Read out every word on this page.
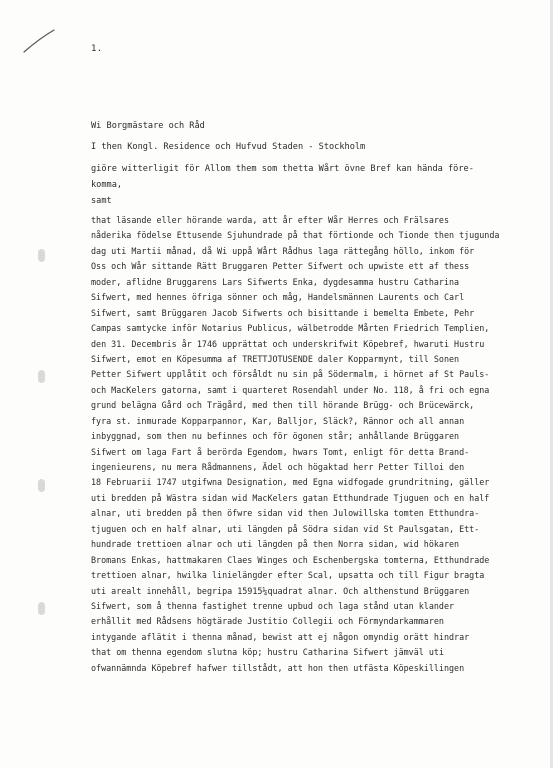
1.
Wi Borgmästare och Råd
I then Kongl. Residence och Hufvud Staden - Stockholm
giöre witterligit för Allom them som thetta Wårt övne Bref kan hända före-
komma,
samt
that läsande eller hörande warda, att år efter Wår Herres och Frälsares
nåderika födelse Ettusende Sjuhundrade på that förtionde och Tionde then tjugunda
dag uti Martii månad, då Wi uppå Wårt Rådhus laga rättegång höllo, inkom för
Oss och Wår sittande Rätt Bruggaren Petter Sifwert och upwiste ett af thess
moder, aflidne Bruggarens Lars Sifwerts Enka, dygdesamma hustru Catharina
Sifwert, med hennes öfriga sönner och måg, Handelsmännen Laurents och Carl
Sifwert, samt Brüggaren Jacob Sifwerts och bisittande i bemelta Embete, Pehr
Campas samtycke inför Notarius Publicus, wälbetrodde Mårten Friedrich Templien,
den 31. Decembris år 1746 upprättat och underskrifwit Köpebref, hwaruti Hustru
Sifwert, emot en Köpesumma af TRETTJOTUSENDE daler Kopparmynt, till Sonen
Petter Sifwert upplåtit och försåldt nu sin på Södermalm, i hörnet af St Pauls-
och MacKelers gatorna, samt i quarteret Rosendahl under No. 118, å fri och egna
grund belägna Gård och Trägård, med then till hörande Brügg- och Brücewärck,
fyra st. inmurade Kopparpannor, Kar, Balljor, Släck?, Rännor och all annan
inbyggnad, som then nu befinnes och för ögonen står; anhållande Brüggaren
Sifwert om laga Fart å berörda Egendom, hwars Tomt, enligt för detta Brand-
ingenieurens, nu mera Rådmannens, Ädel och högaktad herr Petter Tilloi den
18 Februarii 1747 utgifwna Designation, med Egna widfogade grundritning, gäller
uti bredden på Wästra sidan wid MacKelers gatan Etthundrade Tjuguen och en half
alnar, uti bredden på then öfwre sidan vid then Julowillska tomten Etthundra-
tjuguen och en half alnar, uti längden på Södra sidan vid St Paulsgatan, Ett-
hundrade trettioen alnar och uti längden på then Norra sidan, wid hökaren
Bromans Enkas, hattmakaren Claes Winges och Eschenbergska tomterna, Etthundrade
trettioen alnar, hwilka linielängder efter Scal, upsatta och till Figur bragta
uti arealt innehåll, begripa 15915¼quadrat alnar. Och althenstund Brüggaren
Sifwert, som å thenna fastighet trenne upbud och laga stånd utan klander
erhållit med Rådsens högtärade Justitio Collegii och Förmyndarkammaren
intygande aflätit i thenna månad, bewist att ej någon omyndig orätt hindrar
that om thenna egendom slutna köp; hustru Catharina Sifwert jämväl uti
ofwannämnda Köpebref hafwer tillstådt, att hon then utfästa Köpeskillingen
